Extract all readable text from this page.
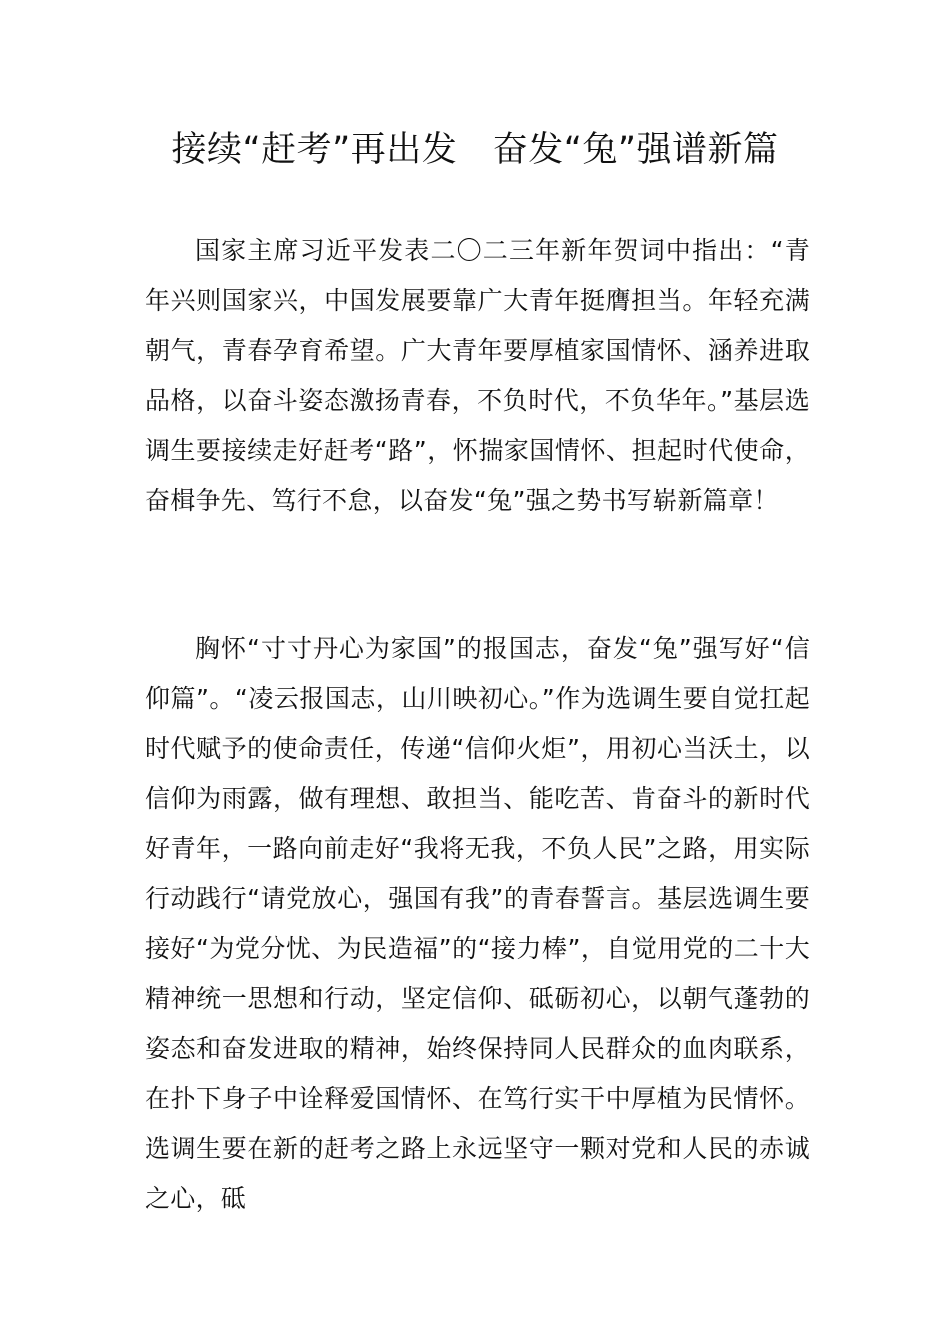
接续“赶考”再出发　奋发“兔”强谱新篇

国家主席习近平发表二〇二三年新年贺词中指出：“青年兴则国家兴，中国发展要靠广大青年挺膺担当。年轻充满朝气，青春孕育希望。广大青年要厚植家国情怀、涵养进取品格，以奋斗姿态激扬青春，不负时代，不负华年。”基层选调生要接续走好赶考“路”，怀揣家国情怀、担起时代使命，奋楫争先、笃行不怠，以奋发“兔”强之势书写崭新篇章！

胸怀“寸寸丹心为家国”的报国志，奋发“兔”强写好“信仰篇”。“凌云报国志，山川映初心。”作为选调生要自觉扛起时代赋予的使命责任，传递“信仰火炬”，用初心当沃土，以信仰为雨露，做有理想、敢担当、能吃苦、肯奋斗的新时代好青年，一路向前走好“我将无我，不负人民”之路，用实际行动践行“请党放心，强国有我”的青春誓言。基层选调生要接好“为党分忧、为民造福”的“接力棒”，自觉用党的二十大精神统一思想和行动，坚定信仰、砥砺初心，以朝气蓬勃的姿态和奋发进取的精神，始终保持同人民群众的血肉联系，在扑下身子中诠释爱国情怀、在笃行实干中厚植为民情怀。选调生要在新的赶考之路上永远坚守一颗对党和人民的赤诚之心，砥
